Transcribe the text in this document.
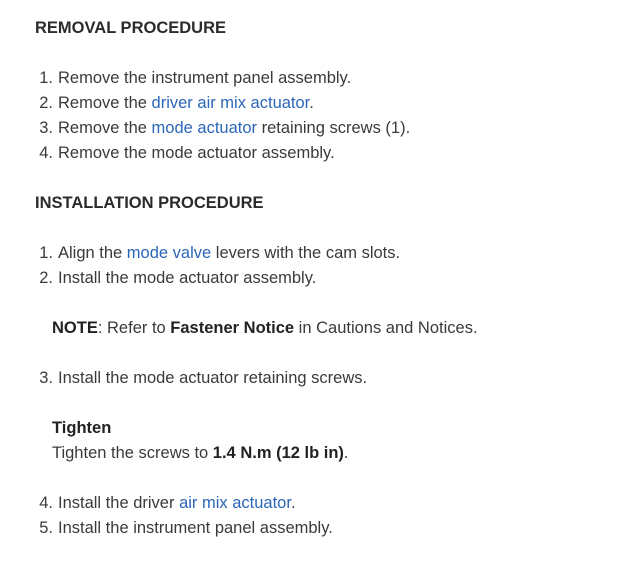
REMOVAL PROCEDURE
1. Remove the instrument panel assembly.
2. Remove the driver air mix actuator.
3. Remove the mode actuator retaining screws (1).
4. Remove the mode actuator assembly.
INSTALLATION PROCEDURE
1. Align the mode valve levers with the cam slots.
2. Install the mode actuator assembly.
NOTE: Refer to Fastener Notice in Cautions and Notices.
3. Install the mode actuator retaining screws.
Tighten
Tighten the screws to 1.4 N.m (12 lb in).
4. Install the driver air mix actuator.
5. Install the instrument panel assembly.
